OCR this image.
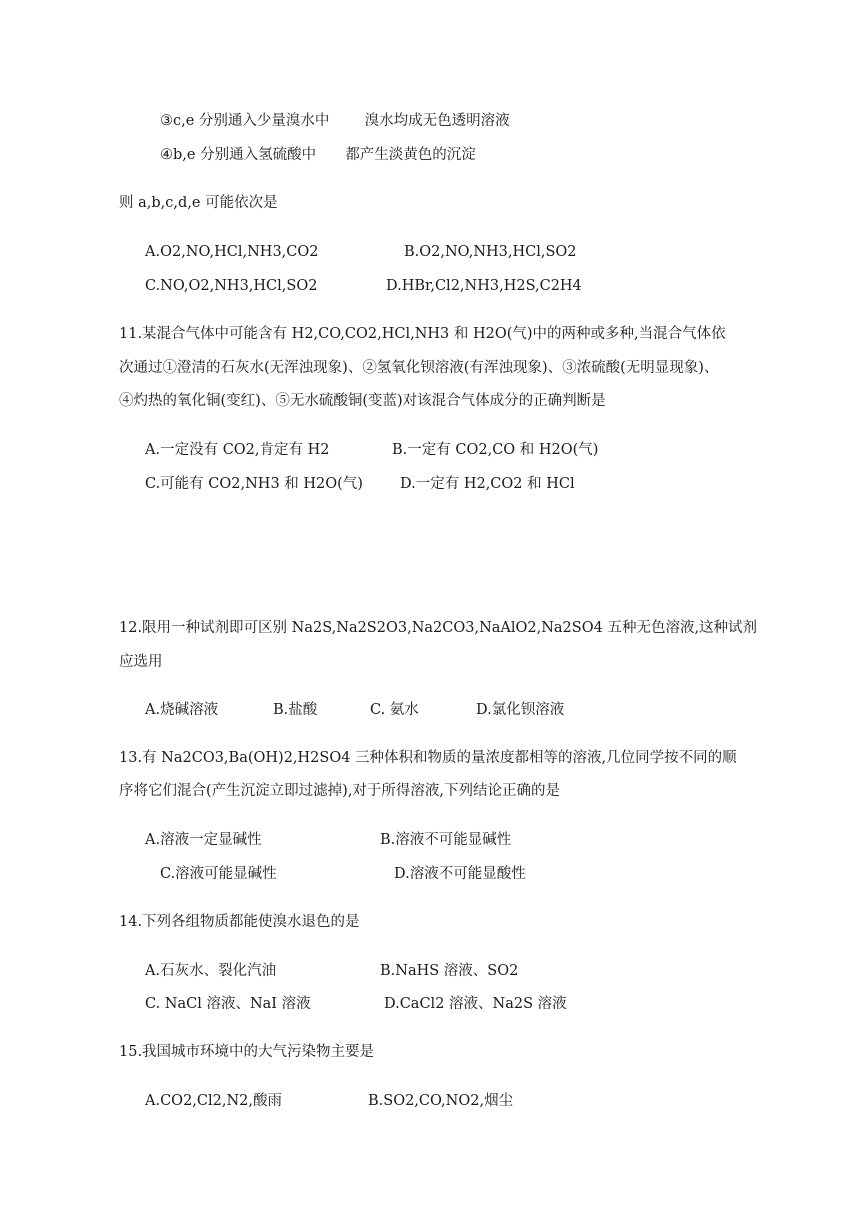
③c,e 分别通入少量溴水中 溴水均成无色透明溶液
④b,e 分别通入氢硫酸中 都产生淡黄色的沉淀
则 a,b,c,d,e 可能依次是
A.O2,NO,HCl,NH3,CO2	B.O2,NO,NH3,HCl,SO2
C.NO,O2,NH3,HCl,SO2	D.HBr,Cl2,NH3,H2S,C2H4
11.某混合气体中可能含有 H2,CO,CO2,HCl,NH3 和 H2O(气)中的两种或多种,当混合气体依
次通过①澄清的石灰水(无浑浊现象)、②氢氧化钡溶液(有浑浊现象)、③浓硫酸(无明显现象)、
④灼热的氧化铜(变红)、⑤无水硫酸铜(变蓝)对该混合气体成分的正确判断是
A.一定没有 CO2,肯定有 H2	B.一定有 CO2,CO 和 H2O(气)
C.可能有 CO2,NH3 和 H2O(气)	D.一定有 H2,CO2 和 HCl
12.限用一种试剂即可区别 Na2S,Na2S2O3,Na2CO3,NaAlO2,Na2SO4 五种无色溶液,这种试剂
应选用
A.烧碱溶液	B.盐酸	C. 氨水	D.氯化钡溶液
13.有 Na2CO3,Ba(OH)2,H2SO4 三种体积和物质的量浓度都相等的溶液,几位同学按不同的顺
序将它们混合(产生沉淀立即过滤掉),对于所得溶液,下列结论正确的是
A.溶液一定显碱性	B.溶液不可能显碱性
C.溶液可能显碱性	D.溶液不可能显酸性
14.下列各组物质都能使溴水退色的是
A.石灰水、裂化汽油	B.NaHS 溶液、SO2
C. NaCl 溶液、NaI 溶液	D.CaCl2 溶液、Na2S 溶液
15.我国城市环境中的大气污染物主要是
A.CO2,Cl2,N2,酸雨	B.SO2,CO,NO2,烟尘
